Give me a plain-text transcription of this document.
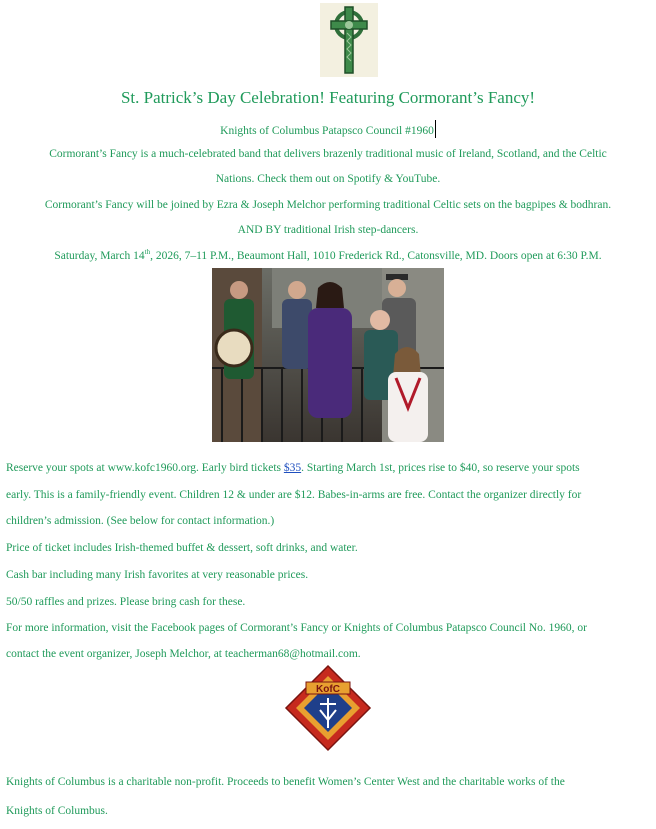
St. Patrick’s Day Celebration! Featuring Cormorant’s Fancy!
Knights of Columbus Patapsco Council #1960
Cormorant’s Fancy is a much-celebrated band that delivers brazenly traditional music of Ireland, Scotland, and the Celtic
Nations. Check them out on Spotify & YouTube.
Cormorant’s Fancy will be joined by Ezra & Joseph Melchor performing traditional Celtic sets on the bagpipes & bodhran.
AND BY traditional Irish step-dancers.
Saturday, March 14th, 2026, 7–11 P.M., Beaumont Hall, 1010 Frederick Rd., Catonsville, MD. Doors open at 6:30 P.M.
Reserve your spots at www.kofc1960.org. Early bird tickets $35. Starting March 1st, prices rise to $40, so reserve your spots
early. This is a family-friendly event. Children 12 & under are $12. Babes-in-arms are free. Contact the organizer directly for
children’s admission. (See below for contact information.)
Price of ticket includes Irish-themed buffet & dessert, soft drinks, and water.
Cash bar including many Irish favorites at very reasonable prices.
50/50 raffles and prizes. Please bring cash for these.
For more information, visit the Facebook pages of Cormorant’s Fancy or Knights of Columbus Patapsco Council No. 1960, or
contact the event organizer, Joseph Melchor, at teacherman68@hotmail.com.
KofC
Knights of Columbus is a charitable non-profit. Proceeds to benefit Women’s Center West and the charitable works of the
Knights of Columbus.
